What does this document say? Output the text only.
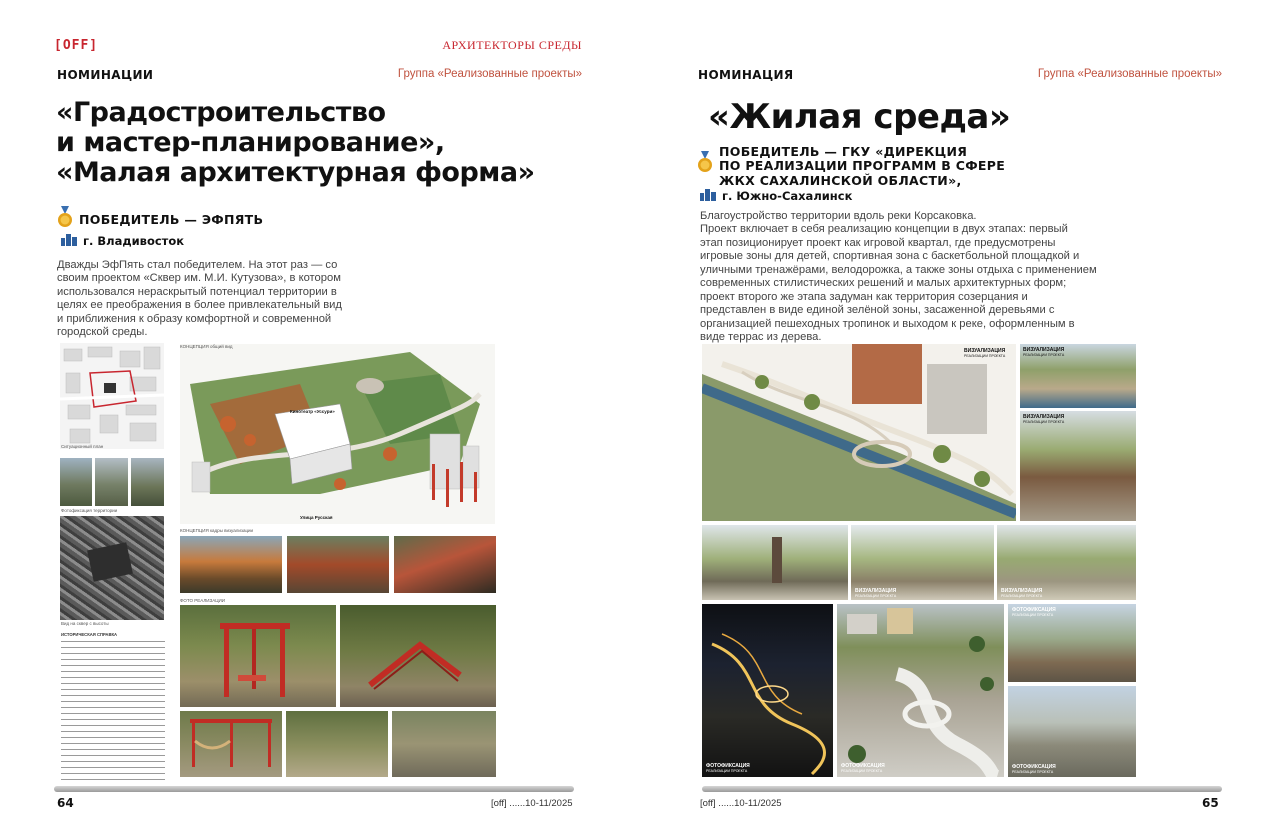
[OFF]	АРХИТЕКТОРЫ СРЕДЫ
НОМИНАЦИИ	Группа «Реализованные проекты»
«Градостроительство
и мастер-планирование»,
«Малая архитектурная форма»
ПОБЕДИТЕЛЬ — ЭФПЯТЬ
г. Владивосток

Дважды ЭфПять стал победителем. На этот раз — со

своим проектом «Сквер им. М.И. Кутузова», в котором

использовался нераскрытый потенциал территории в

целях ее преображения в более привлекательный вид

и приближения к образу комфортной и современной

городской среды.

Ситуационный план
Фотофиксация территории
Вид на сквер с высоты
ИСТОРИЧЕСКАЯ СПРАВКА
КОНЦЕПЦИЯ общий вид
Кинотеатр «Уссури»
Улица Русская
КОНЦЕПЦИЯ кадры визуализации
ФОТО РЕАЛИЗАЦИИ
64	[off] ......10-11/2025
НОМИНАЦИЯ	Группа «Реализованные проекты»
«Жилая среда»
ПОБЕДИТЕЛЬ — ГКУ «ДИРЕКЦИЯ
ПО РЕАЛИЗАЦИИ ПРОГРАММ В СФЕРЕ
ЖКХ САХАЛИНСКОЙ ОБЛАСТИ»,
г. Южно-Сахалинск

Благоустройство территории вдоль реки Корсаковка.

Проект включает в себя реализацию концепции в двух этапах: первый

этап позиционирует проект как игровой квартал, где предусмотрены

игровые зоны для детей, спортивная зона с баскетбольной площадкой и

уличными тренажёрами, велодорожка, а также зоны отдыха с применением

современных стилистических решений и малых архитектурных форм;

проект второго же этапа задуман как территория созерцания и

представлен в виде единой зелёной зоны, засаженной деревьями с

организацией пешеходных тропинок и выходом к реке, оформленным в

виде террас из дерева.

ВИЗУАЛИЗАЦИЯ
РЕАЛИЗАЦИИ ПРОЕКТА
ВИЗУАЛИЗАЦИЯ
РЕАЛИЗАЦИИ ПРОЕКТА
ВИЗУАЛИЗАЦИЯ
РЕАЛИЗАЦИИ ПРОЕКТА
ВИЗУАЛИЗАЦИЯ
РЕАЛИЗАЦИИ ПРОЕКТА
ВИЗУАЛИЗАЦИЯ
РЕАЛИЗАЦИИ ПРОЕКТА
ФОТОФИКСАЦИЯ
РЕАЛИЗАЦИИ ПРОЕКТА
ФОТОФИКСАЦИЯ
РЕАЛИЗАЦИИ ПРОЕКТА
ФОТОФИКСАЦИЯ
РЕАЛИЗАЦИИ ПРОЕКТА
ФОТОФИКСАЦИЯ
РЕАЛИЗАЦИИ ПРОЕКТА
[off] ......10-11/2025	65
